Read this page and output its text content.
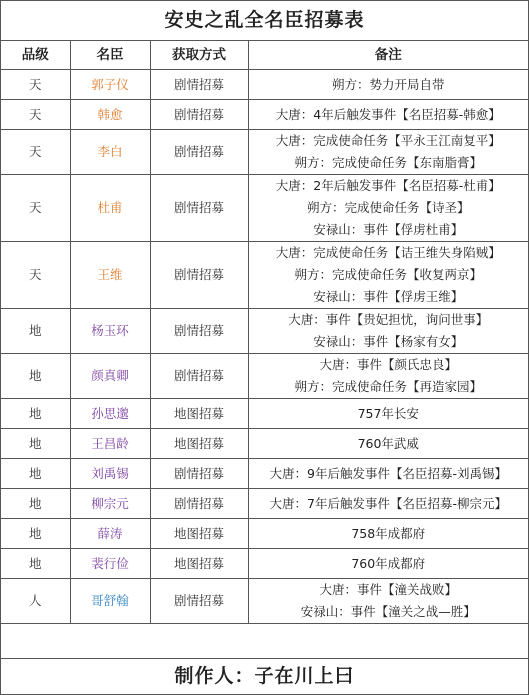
安史之乱全名臣招募表
品级	名臣	获取方式	备注
天	郭子仪	剧情招募	朔方：势力开局自带

天	韩愈	剧情招募	大唐：4年后触发事件【名臣招募-韩愈】

天	李白	剧情招募	大唐：完成使命任务【平永王江南复平】
朔方：完成使命任务【东南脂膏】

天	杜甫	剧情招募	大唐：2年后触发事件【名臣招募-杜甫】
朔方：完成使命任务【诗圣】
安禄山：事件【俘虏杜甫】

天	王维	剧情招募	大唐：完成使命任务【诘王维失身陷贼】
朔方：完成使命任务【收复两京】
安禄山：事件【俘虏王维】

地	杨玉环	剧情招募	大唐：事件【贵妃担忧，询问世事】
安禄山：事件【杨家有女】

地	颜真卿	剧情招募	大唐：事件【颜氏忠良】
朔方：完成使命任务【再造家园】

地	孙思邈	地图招募	757年长安

地	王昌龄	地图招募	760年武威

地	刘禹锡	剧情招募	大唐：9年后触发事件【名臣招募-刘禹锡】

地	柳宗元	剧情招募	大唐：7年后触发事件【名臣招募-柳宗元】

地	薛涛	地图招募	758年成都府

地	裴行俭	地图招募	760年成都府

人	哥舒翰	剧情招募	大唐：事件【潼关战败】
安禄山：事件【潼关之战—胜】
制作人：子在川上曰
